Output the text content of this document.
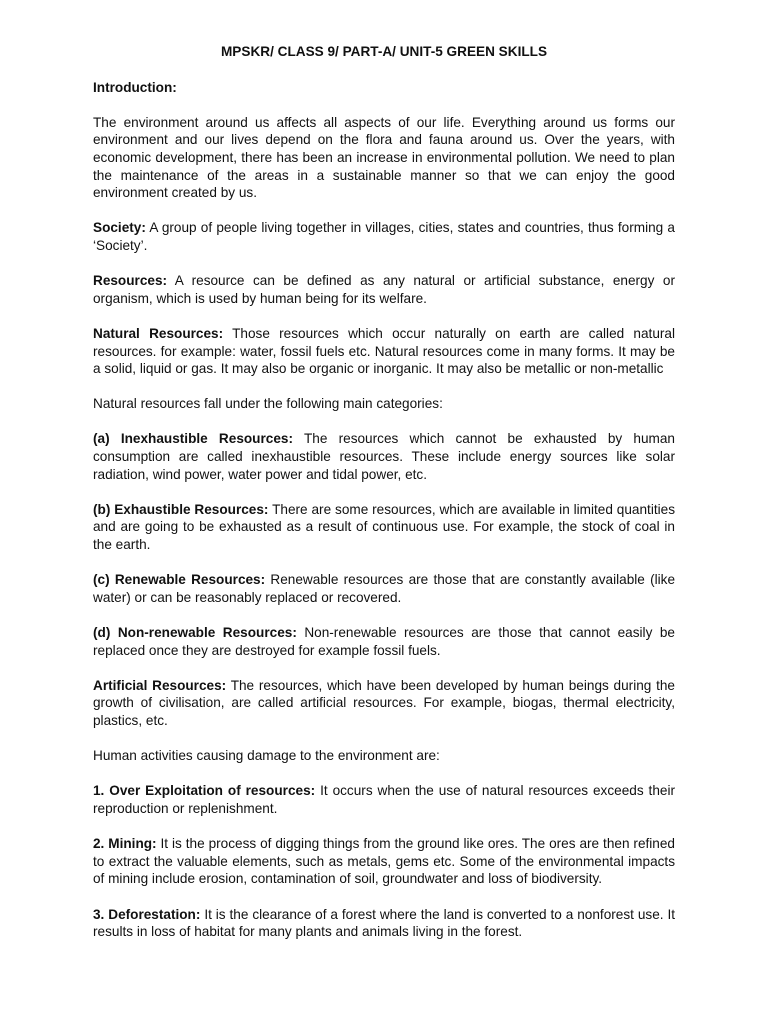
MPSKR/ CLASS 9/ PART-A/ UNIT-5 GREEN SKILLS
Introduction:

The environment around us affects all aspects of our life. Everything around us forms our environment and our lives depend on the flora and fauna around us. Over the years, with economic development, there has been an increase in environmental pollution. We need to plan the maintenance of the areas in a sustainable manner so that we can enjoy the good environment created by us.

Society: A group of people living together in villages, cities, states and countries, thus forming a ‘Society’.

Resources: A resource can be defined as any natural or artificial substance, energy or organism, which is used by human being for its welfare.

Natural Resources: Those resources which occur naturally on earth are called natural resources. for example: water, fossil fuels etc. Natural resources come in many forms. It may be a solid, liquid or gas. It may also be organic or inorganic. It may also be metallic or non-metallic

Natural resources fall under the following main categories:

(a) Inexhaustible Resources: The resources which cannot be exhausted by human consumption are called inexhaustible resources. These include energy sources like solar radiation, wind power, water power and tidal power, etc.

(b) Exhaustible Resources: There are some resources, which are available in limited quantities and are going to be exhausted as a result of continuous use. For example, the stock of coal in the earth.

(c) Renewable Resources: Renewable resources are those that are constantly available (like water) or can be reasonably replaced or recovered.

(d) Non-renewable Resources: Non-renewable resources are those that cannot easily be replaced once they are destroyed for example fossil fuels.

Artificial Resources: The resources, which have been developed by human beings during the growth of civilisation, are called artificial resources. For example, biogas, thermal electricity, plastics, etc.

Human activities causing damage to the environment are:

1. Over Exploitation of resources: It occurs when the use of natural resources exceeds their reproduction or replenishment.

2. Mining: It is the process of digging things from the ground like ores. The ores are then refined to extract the valuable elements, such as metals, gems etc. Some of the environmental impacts of mining include erosion, contamination of soil, groundwater and loss of biodiversity.

3. Deforestation: It is the clearance of a forest where the land is converted to a nonforest use. It results in loss of habitat for many plants and animals living in the forest.
